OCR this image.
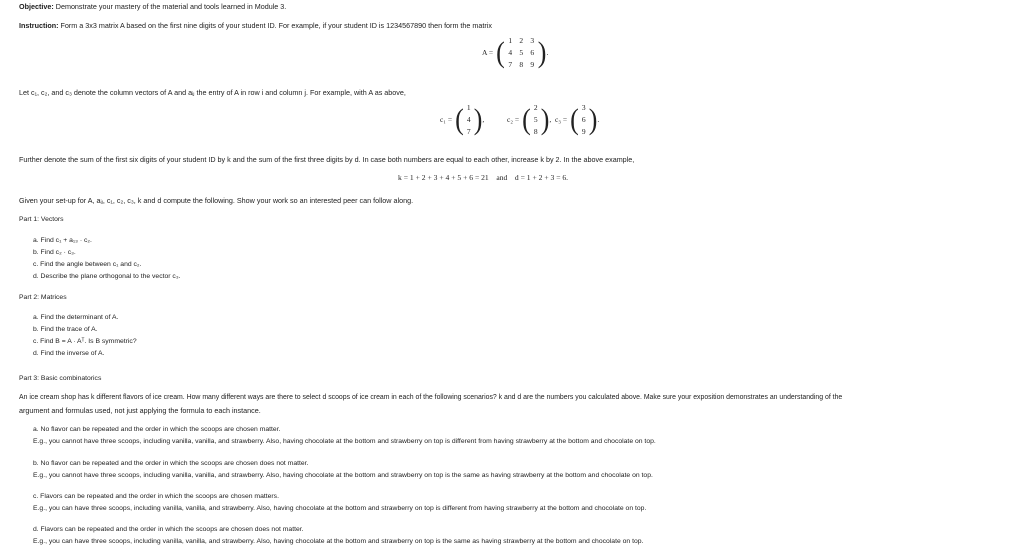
Objective: Demonstrate your mastery of the material and tools learned in Module 3.
Instruction: Form a 3x3 matrix A based on the first nine digits of your student ID. For example, if your student ID is 1234567890 then form the matrix
A = ( 1 2 3
4 5 6
7 8 9 ) .
Let c₁, c₂, and c₃ denote the column vectors of A and aᵢⱼ the entry of A in row i and column j. For example, with A as above,
c₁ = ( 1
4
7 ) ,	c₂ = ( 2
5
8 ) , c₃ = ( 3
6
9 ) .
Further denote the sum of the first six digits of your student ID by k and the sum of the first three digits by d. In case both numbers are equal to each other, increase k by 2. In the above example,
k = 1 + 2 + 3 + 4 + 5 + 6 = 21    and    d = 1 + 2 + 3 = 6.
Given your set-up for A, aᵢⱼ, c₁, c₂, c₃, k and d compute the following. Show your work so an interested peer can follow along.
Part 1: Vectors
a. Find c₁ + a₁₃ · c₂.
b. Find c₂ · c₃.
c. Find the angle between c₁ and c₂.
d. Describe the plane orthogonal to the vector c₃.
Part 2: Matrices
a. Find the determinant of A.
b. Find the trace of A.
c. Find B = A · Aᵀ. Is B symmetric?
d. Find the inverse of A.
Part 3: Basic combinatorics
An ice cream shop has k different flavors of ice cream. How many different ways are there to select d scoops of ice cream in each of the following scenarios? k and d are the numbers you calculated above. Make sure your exposition demonstrates an understanding of the
argument and formulas used, not just applying the formula to each instance.
a. No flavor can be repeated and the order in which the scoops are chosen matter.
E.g., you cannot have three scoops, including vanilla, vanilla, and strawberry. Also, having chocolate at the bottom and strawberry on top is different from having strawberry at the bottom and chocolate on top.
b. No flavor can be repeated and the order in which the scoops are chosen does not matter.
E.g., you cannot have three scoops, including vanilla, vanilla, and strawberry. Also, having chocolate at the bottom and strawberry on top is the same as having strawberry at the bottom and chocolate on top.
c. Flavors can be repeated and the order in which the scoops are chosen matters.
E.g., you can have three scoops, including vanilla, vanilla, and strawberry. Also, having chocolate at the bottom and strawberry on top is different from having strawberry at the bottom and chocolate on top.
d. Flavors can be repeated and the order in which the scoops are chosen does not matter.
E.g., you can have three scoops, including vanilla, vanilla, and strawberry. Also, having chocolate at the bottom and strawberry on top is the same as having strawberry at the bottom and chocolate on top.
